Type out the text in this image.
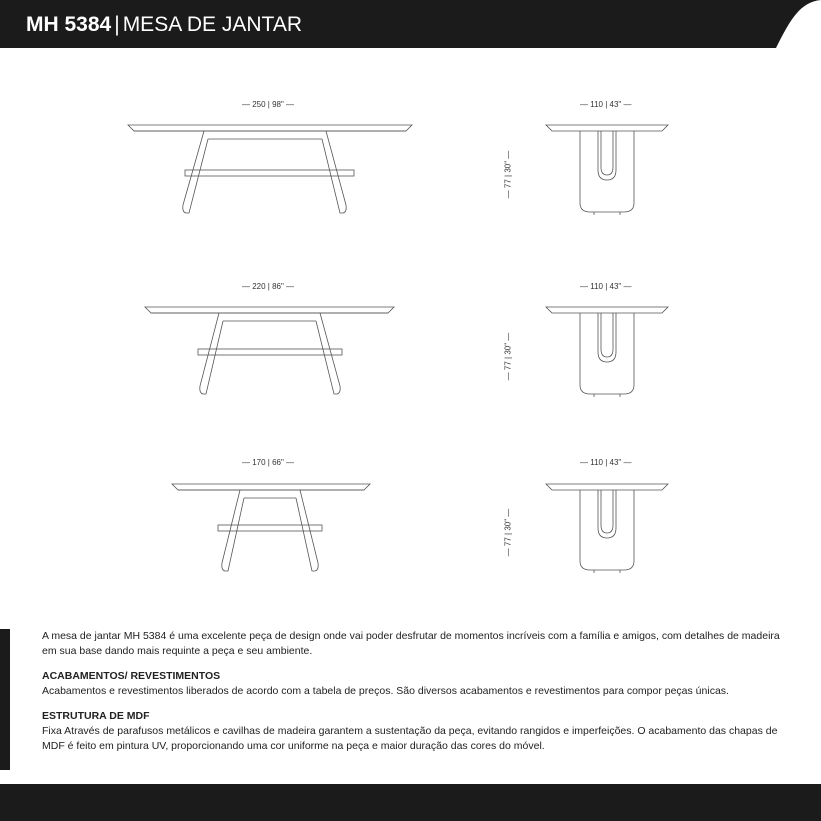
MH 5384 | MESA DE JANTAR
— 250 | 98" —	— 110 | 43" —
— 77 | 30" —
— 220 | 86" —	— 110 | 43" —
— 77 | 30" —
— 170 | 66" —	— 110 | 43" —
— 77 | 30" —

A mesa de jantar MH 5384 é uma excelente peça de design onde vai poder desfrutar de momentos incríveis com a família e amigos, com detalhes de madeira em sua base dando mais requinte a peça e seu ambiente.

ACABAMENTOS/ REVESTIMENTOS

Acabamentos e revestimentos liberados de acordo com a tabela de preços. São diversos acabamentos e revestimentos para compor peças únicas.

ESTRUTURA DE MDF

Fixa Através de parafusos metálicos e cavilhas de madeira garantem a sustentação da peça, evitando rangidos e imperfeições. O acabamento das chapas de MDF é feito em pintura UV, proporcionando uma cor uniforme na peça e maior duração das cores do móvel.
